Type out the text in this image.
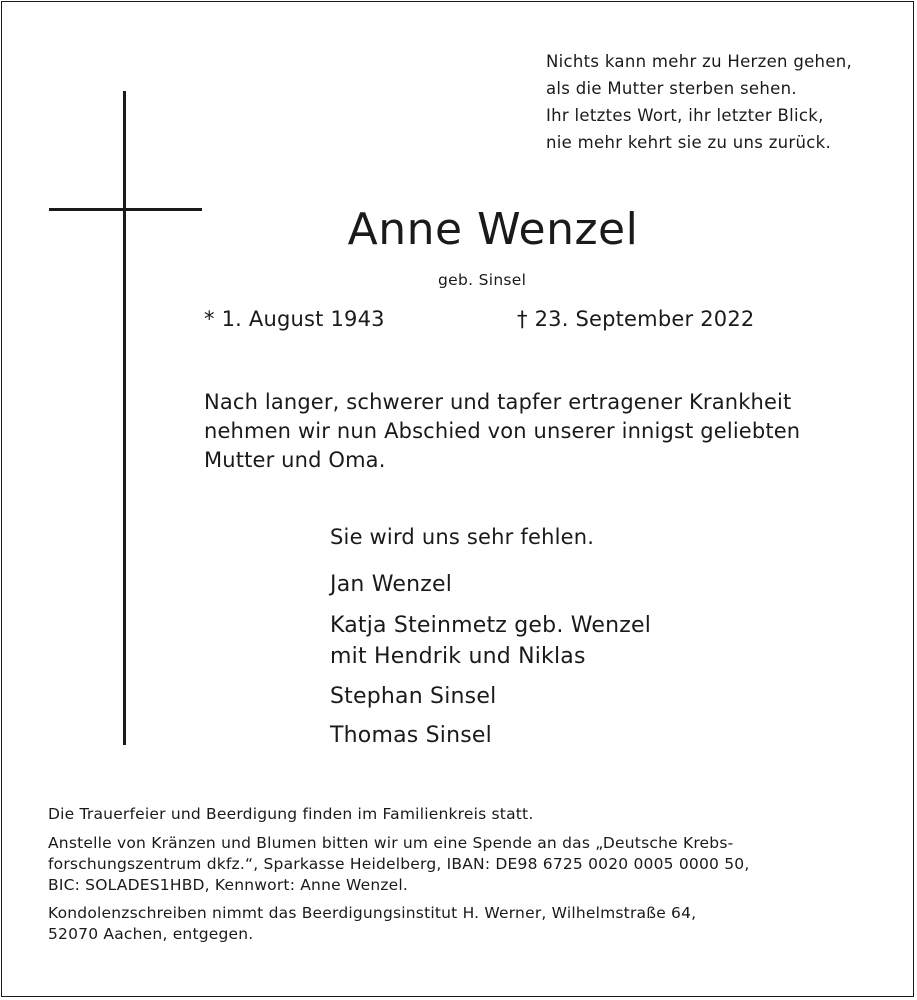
Nichts kann mehr zu Herzen gehen,
als die Mutter sterben sehen.
Ihr letztes Wort, ihr letzter Blick,
nie mehr kehrt sie zu uns zurück.
Anne Wenzel
geb. Sinsel
* 1. August 1943	† 23. September 2022
Nach langer, schwerer und tapfer ertragener Krankheit
nehmen wir nun Abschied von unserer innigst geliebten
Mutter und Oma.
Sie wird uns sehr fehlen.
Jan Wenzel
Katja Steinmetz geb. Wenzel
mit Hendrik und Niklas
Stephan Sinsel
Thomas Sinsel
Die Trauerfeier und Beerdigung finden im Familienkreis statt.
Anstelle von Kränzen und Blumen bitten wir um eine Spende an das „Deutsche Krebs-
forschungszentrum dkfz.“, Sparkasse Heidelberg, IBAN: DE98 6725 0020 0005 0000 50,
BIC: SOLADES1HBD, Kennwort: Anne Wenzel.
Kondolenzschreiben nimmt das Beerdigungsinstitut H. Werner, Wilhelmstraße 64,
52070 Aachen, entgegen.
